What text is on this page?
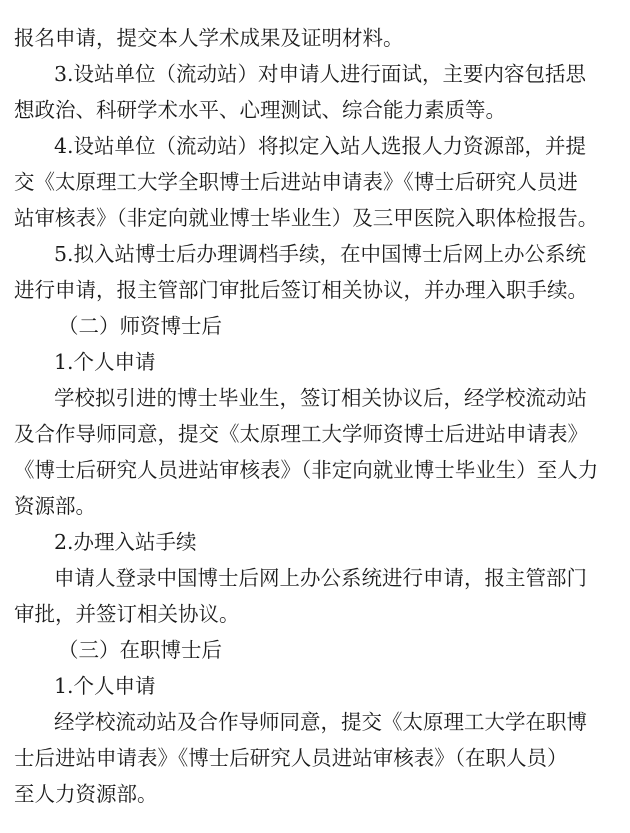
报名申请，提交本人学术成果及证明材料。
3.设站单位（流动站）对申请人进行面试，主要内容包括思
想政治、科研学术水平、心理测试、综合能力素质等。
4.设站单位（流动站）将拟定入站人选报人力资源部，并提
交《太原理工大学全职博士后进站申请表》《博士后研究人员进
站审核表》（非定向就业博士毕业生）及三甲医院入职体检报告。
5.拟入站博士后办理调档手续，在中国博士后网上办公系统
进行申请，报主管部门审批后签订相关协议，并办理入职手续。
（二）师资博士后
1.个人申请
学校拟引进的博士毕业生，签订相关协议后，经学校流动站
及合作导师同意，提交《太原理工大学师资博士后进站申请表》
《博士后研究人员进站审核表》（非定向就业博士毕业生）至人力
资源部。
2.办理入站手续
申请人登录中国博士后网上办公系统进行申请，报主管部门
审批，并签订相关协议。
（三）在职博士后
1.个人申请
经学校流动站及合作导师同意，提交《太原理工大学在职博
士后进站申请表》《博士后研究人员进站审核表》（在职人员）
至人力资源部。
